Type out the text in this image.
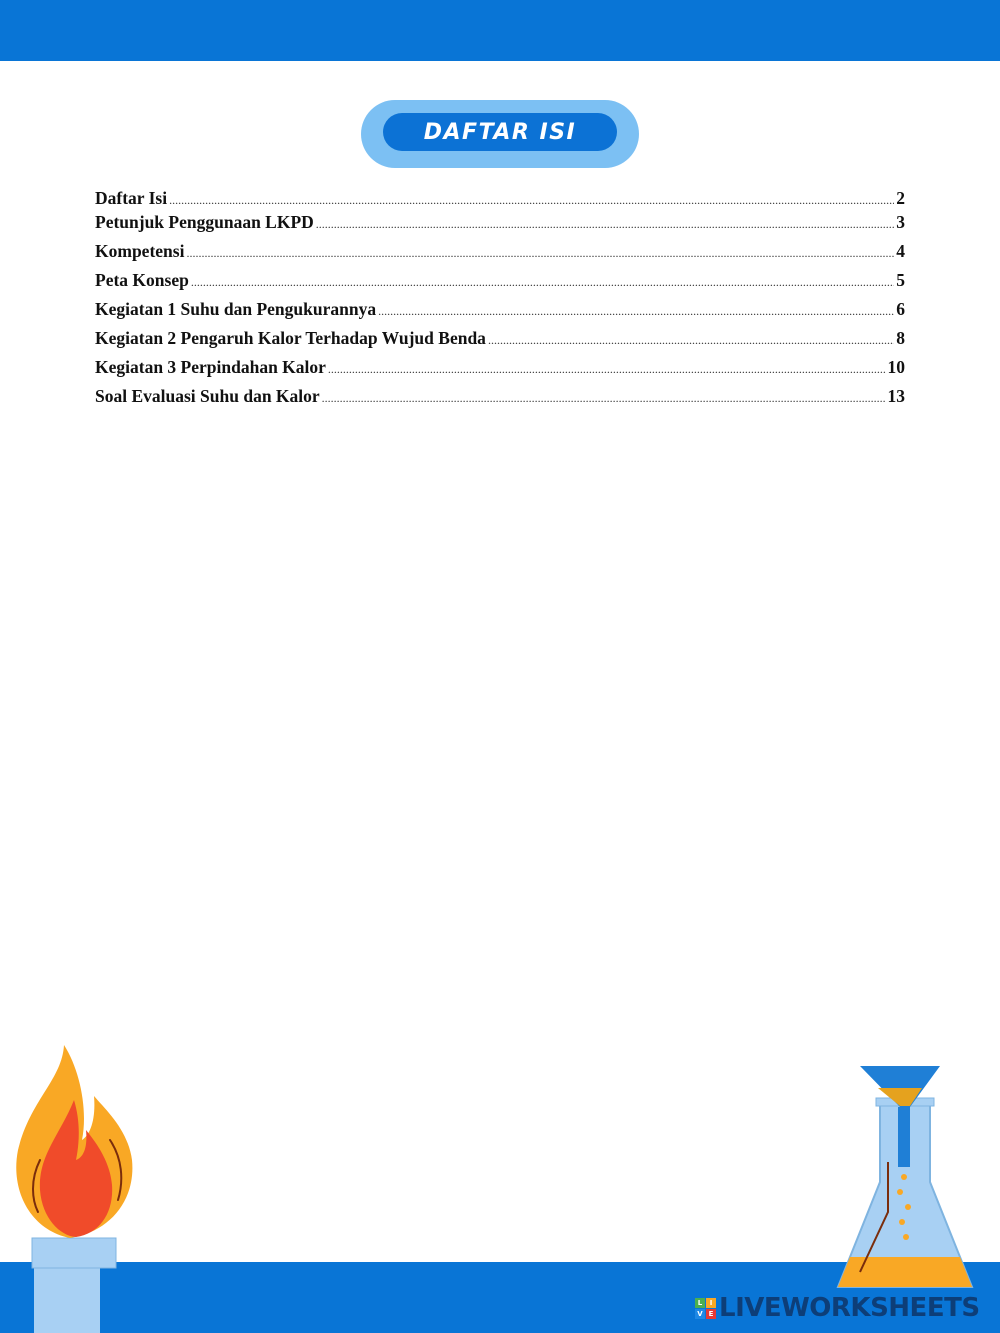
DAFTAR ISI
Daftar Isi .....	2
Petunjuk Penggunaan LKPD .....	3
Kompetensi .....	4
Peta Konsep .....	5
Kegiatan 1 Suhu dan Pengukurannya .....	6
Kegiatan 2 Pengaruh Kalor Terhadap Wujud Benda .....	8
Kegiatan 3 Perpindahan Kalor .....	10
Soal Evaluasi Suhu dan Kalor .....	13
L	I
V E LIVEWORKSHEETS
